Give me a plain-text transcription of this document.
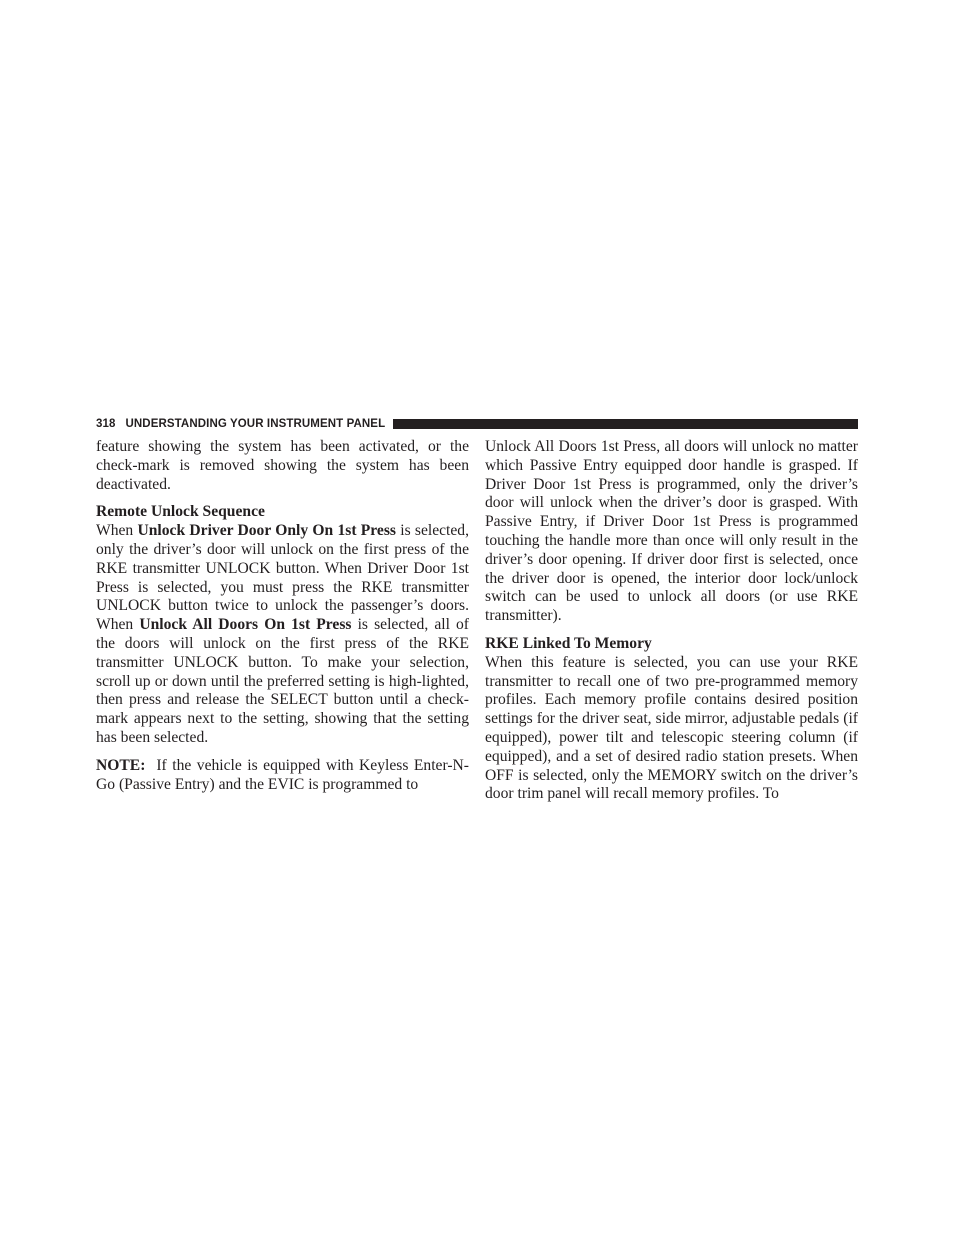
318 UNDERSTANDING YOUR INSTRUMENT PANEL

feature showing the system has been activated, or the check-mark is removed showing the system has been deactivated.

Remote Unlock Sequence

When Unlock Driver Door Only On 1st Press is selected, only the driver’s door will unlock on the first press of the RKE transmitter UNLOCK button. When Driver Door 1st Press is selected, you must press the RKE transmitter UNLOCK button twice to unlock the passenger’s doors. When Unlock All Doors On 1st Press is selected, all of the doors will unlock on the first press of the RKE transmitter UNLOCK button. To make your selection, scroll up or down until the preferred setting is high-lighted, then press and release the SELECT button until a check-mark appears next to the setting, showing that the setting has been selected.

NOTE:  If the vehicle is equipped with Keyless Enter-N-Go (Passive Entry) and the EVIC is programmed to

Unlock All Doors 1st Press, all doors will unlock no matter which Passive Entry equipped door handle is grasped. If Driver Door 1st Press is programmed, only the driver’s door will unlock when the driver’s door is grasped. With Passive Entry, if Driver Door 1st Press is programmed touching the handle more than once will only result in the driver’s door opening. If driver door first is selected, once the driver door is opened, the interior door lock/unlock switch can be used to unlock all doors (or use RKE transmitter).

RKE Linked To Memory

When this feature is selected, you can use your RKE transmitter to recall one of two pre-programmed memory profiles. Each memory profile contains desired position settings for the driver seat, side mirror, adjustable pedals (if equipped), power tilt and telescopic steering column (if equipped), and a set of desired radio station presets. When OFF is selected, only the MEMORY switch on the driver’s door trim panel will recall memory profiles. To
